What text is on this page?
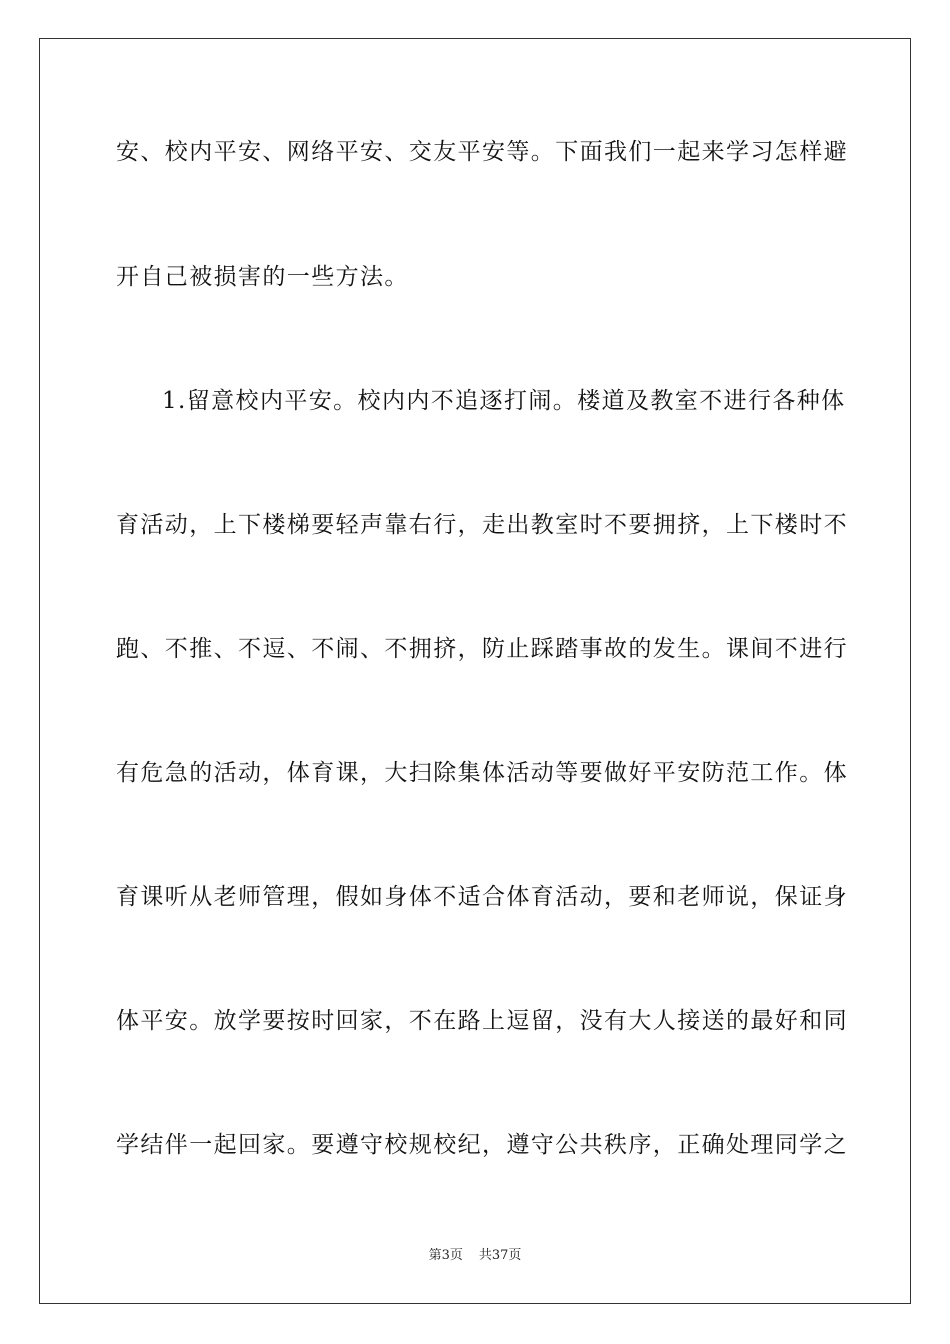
安、校内平安、网络平安、交友平安等。下面我们一起来学习怎样避
开自己被损害的一些方法。
1.留意校内平安。校内内不追逐打闹。楼道及教室不进行各种体
育活动，上下楼梯要轻声靠右行，走出教室时不要拥挤，上下楼时不
跑、不推、不逗、不闹、不拥挤，防止踩踏事故的发生。课间不进行
有危急的活动，体育课，大扫除集体活动等要做好平安防范工作。体
育课听从老师管理，假如身体不适合体育活动，要和老师说，保证身
体平安。放学要按时回家，不在路上逗留，没有大人接送的最好和同
学结伴一起回家。要遵守校规校纪，遵守公共秩序，正确处理同学之
第3页 共37页
